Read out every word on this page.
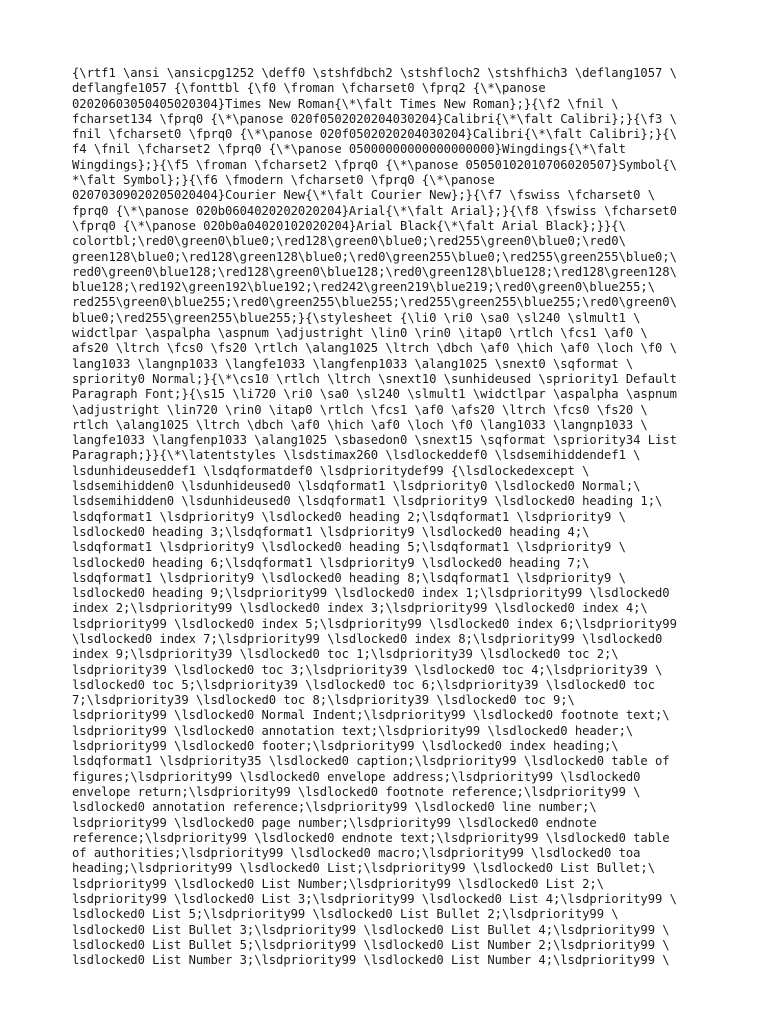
{\rtf1 \ansi \ansicpg1252 \deff0 \stshfdbch2 \stshfloch2 \stshfhich3 \deflang1057 \
deflangfe1057 {\fonttbl {\f0 \froman \fcharset0 \fprq2 {\*\panose
02020603050405020304}Times New Roman{\*\falt Times New Roman};}{\f2 \fnil \
fcharset134 \fprq0 {\*\panose 020f0502020204030204}Calibri{\*\falt Calibri};}{\f3 \
fnil \fcharset0 \fprq0 {\*\panose 020f0502020204030204}Calibri{\*\falt Calibri};}{\
f4 \fnil \fcharset2 \fprq0 {\*\panose 05000000000000000000}Wingdings{\*\falt
Wingdings};}{\f5 \froman \fcharset2 \fprq0 {\*\panose 05050102010706020507}Symbol{\
*\falt Symbol};}{\f6 \fmodern \fcharset0 \fprq0 {\*\panose
02070309020205020404}Courier New{\*\falt Courier New};}{\f7 \fswiss \fcharset0 \
fprq0 {\*\panose 020b0604020202020204}Arial{\*\falt Arial};}{\f8 \fswiss \fcharset0
\fprq0 {\*\panose 020b0a04020102020204}Arial Black{\*\falt Arial Black};}}{\
colortbl;\red0\green0\blue0;\red128\green0\blue0;\red255\green0\blue0;\red0\
green128\blue0;\red128\green128\blue0;\red0\green255\blue0;\red255\green255\blue0;\
red0\green0\blue128;\red128\green0\blue128;\red0\green128\blue128;\red128\green128\
blue128;\red192\green192\blue192;\red242\green219\blue219;\red0\green0\blue255;\
red255\green0\blue255;\red0\green255\blue255;\red255\green255\blue255;\red0\green0\
blue0;\red255\green255\blue255;}{\stylesheet {\li0 \ri0 \sa0 \sl240 \slmult1 \
widctlpar \aspalpha \aspnum \adjustright \lin0 \rin0 \itap0 \rtlch \fcs1 \af0 \
afs20 \ltrch \fcs0 \fs20 \rtlch \alang1025 \ltrch \dbch \af0 \hich \af0 \loch \f0 \
lang1033 \langnp1033 \langfe1033 \langfenp1033 \alang1025 \snext0 \sqformat \
spriority0 Normal;}{\*\cs10 \rtlch \ltrch \snext10 \sunhideused \spriority1 Default
Paragraph Font;}{\s15 \li720 \ri0 \sa0 \sl240 \slmult1 \widctlpar \aspalpha \aspnum
\adjustright \lin720 \rin0 \itap0 \rtlch \fcs1 \af0 \afs20 \ltrch \fcs0 \fs20 \
rtlch \alang1025 \ltrch \dbch \af0 \hich \af0 \loch \f0 \lang1033 \langnp1033 \
langfe1033 \langfenp1033 \alang1025 \sbasedon0 \snext15 \sqformat \spriority34 List
Paragraph;}}{\*\latentstyles \lsdstimax260 \lsdlockeddef0 \lsdsemihiddendef1 \
lsdunhideuseddef1 \lsdqformatdef0 \lsdprioritydef99 {\lsdlockedexcept \
lsdsemihidden0 \lsdunhideused0 \lsdqformat1 \lsdpriority0 \lsdlocked0 Normal;\
lsdsemihidden0 \lsdunhideused0 \lsdqformat1 \lsdpriority9 \lsdlocked0 heading 1;\
lsdqformat1 \lsdpriority9 \lsdlocked0 heading 2;\lsdqformat1 \lsdpriority9 \
lsdlocked0 heading 3;\lsdqformat1 \lsdpriority9 \lsdlocked0 heading 4;\
lsdqformat1 \lsdpriority9 \lsdlocked0 heading 5;\lsdqformat1 \lsdpriority9 \
lsdlocked0 heading 6;\lsdqformat1 \lsdpriority9 \lsdlocked0 heading 7;\
lsdqformat1 \lsdpriority9 \lsdlocked0 heading 8;\lsdqformat1 \lsdpriority9 \
lsdlocked0 heading 9;\lsdpriority99 \lsdlocked0 index 1;\lsdpriority99 \lsdlocked0
index 2;\lsdpriority99 \lsdlocked0 index 3;\lsdpriority99 \lsdlocked0 index 4;\
lsdpriority99 \lsdlocked0 index 5;\lsdpriority99 \lsdlocked0 index 6;\lsdpriority99
\lsdlocked0 index 7;\lsdpriority99 \lsdlocked0 index 8;\lsdpriority99 \lsdlocked0
index 9;\lsdpriority39 \lsdlocked0 toc 1;\lsdpriority39 \lsdlocked0 toc 2;\
lsdpriority39 \lsdlocked0 toc 3;\lsdpriority39 \lsdlocked0 toc 4;\lsdpriority39 \
lsdlocked0 toc 5;\lsdpriority39 \lsdlocked0 toc 6;\lsdpriority39 \lsdlocked0 toc
7;\lsdpriority39 \lsdlocked0 toc 8;\lsdpriority39 \lsdlocked0 toc 9;\
lsdpriority99 \lsdlocked0 Normal Indent;\lsdpriority99 \lsdlocked0 footnote text;\
lsdpriority99 \lsdlocked0 annotation text;\lsdpriority99 \lsdlocked0 header;\
lsdpriority99 \lsdlocked0 footer;\lsdpriority99 \lsdlocked0 index heading;\
lsdqformat1 \lsdpriority35 \lsdlocked0 caption;\lsdpriority99 \lsdlocked0 table of
figures;\lsdpriority99 \lsdlocked0 envelope address;\lsdpriority99 \lsdlocked0
envelope return;\lsdpriority99 \lsdlocked0 footnote reference;\lsdpriority99 \
lsdlocked0 annotation reference;\lsdpriority99 \lsdlocked0 line number;\
lsdpriority99 \lsdlocked0 page number;\lsdpriority99 \lsdlocked0 endnote
reference;\lsdpriority99 \lsdlocked0 endnote text;\lsdpriority99 \lsdlocked0 table
of authorities;\lsdpriority99 \lsdlocked0 macro;\lsdpriority99 \lsdlocked0 toa
heading;\lsdpriority99 \lsdlocked0 List;\lsdpriority99 \lsdlocked0 List Bullet;\
lsdpriority99 \lsdlocked0 List Number;\lsdpriority99 \lsdlocked0 List 2;\
lsdpriority99 \lsdlocked0 List 3;\lsdpriority99 \lsdlocked0 List 4;\lsdpriority99 \
lsdlocked0 List 5;\lsdpriority99 \lsdlocked0 List Bullet 2;\lsdpriority99 \
lsdlocked0 List Bullet 3;\lsdpriority99 \lsdlocked0 List Bullet 4;\lsdpriority99 \
lsdlocked0 List Bullet 5;\lsdpriority99 \lsdlocked0 List Number 2;\lsdpriority99 \
lsdlocked0 List Number 3;\lsdpriority99 \lsdlocked0 List Number 4;\lsdpriority99 \
